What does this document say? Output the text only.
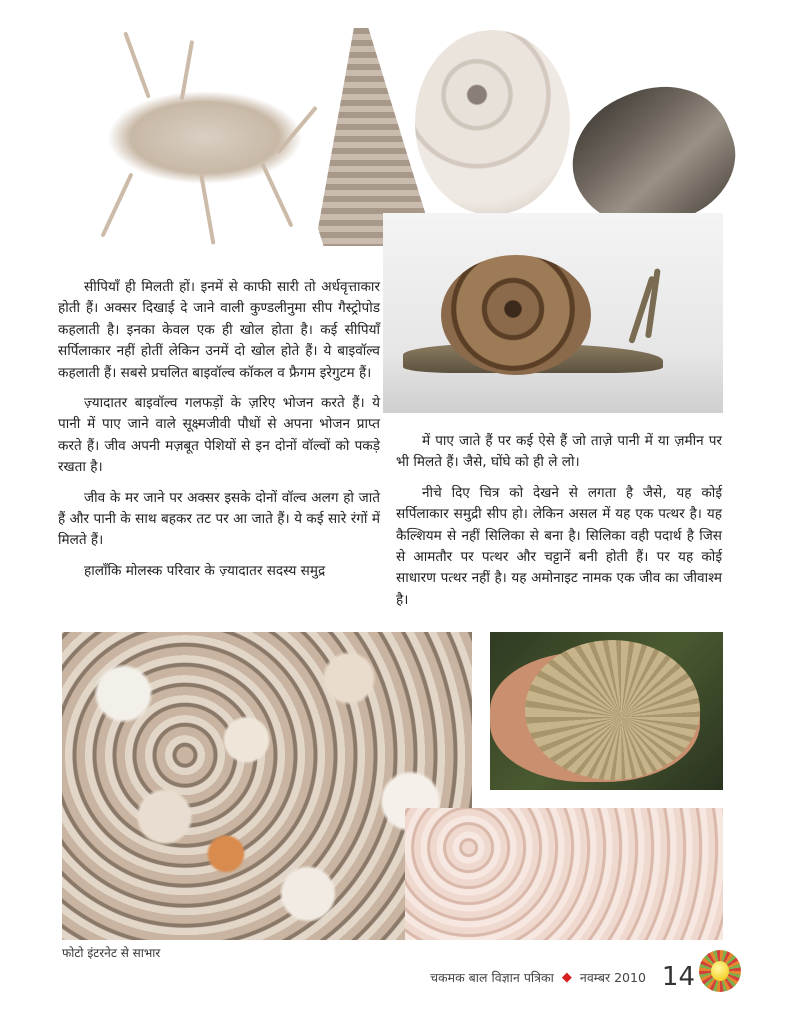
सीपियाँ ही मिलती हों। इनमें से काफी सारी तो अर्धवृत्ताकार होती हैं। अक्सर दिखाई दे जाने वाली कुण्डलीनुमा सीप गैस्ट्रोपोड कहलाती है। इनका केवल एक ही खोल होता है। कई सीपियाँ सर्पिलाकार नहीं होतीं लेकिन उनमें दो खोल होते हैं। ये बाइवॉल्व कहलाती हैं। सबसे प्रचलित बाइवॉल्व कॉकल व फ्रैगम इरेगुटम हैं।

ज़्यादातर बाइवॉल्व गलफड़ों के ज़रिए भोजन करते हैं। ये पानी में पाए जाने वाले सूक्ष्मजीवी पौधों से अपना भोजन प्राप्त करते हैं। जीव अपनी मज़बूत पेशियों से इन दोनों वॉल्वों को पकड़े रखता है।

जीव के मर जाने पर अक्सर इसके दोनों वॉल्व अलग हो जाते हैं और पानी के साथ बहकर तट पर आ जाते हैं। ये कई सारे रंगों में मिलते हैं।

हालाँकि मोलस्क परिवार के ज़्यादातर सदस्य समुद्र

में पाए जाते हैं पर कई ऐसे हैं जो ताज़े पानी में या ज़मीन पर भी मिलते हैं। जैसे, घोंघे को ही ले लो।

नीचे दिए चित्र को देखने से लगता है जैसे, यह कोई सर्पिलाकार समुद्री सीप हो। लेकिन असल में यह एक पत्थर है। यह कैल्शियम से नहीं सिलिका से बना है। सिलिका वही पदार्थ है जिस से आमतौर पर पत्थर और चट्टानें बनी होती हैं। पर यह कोई साधारण पत्थर नहीं है। यह अमोनाइट नामक एक जीव का जीवाश्म है।

फोटो इंटरनेट से साभार
चकमक बाल विज्ञान पत्रिका ◆ नवम्बर 2010 14
